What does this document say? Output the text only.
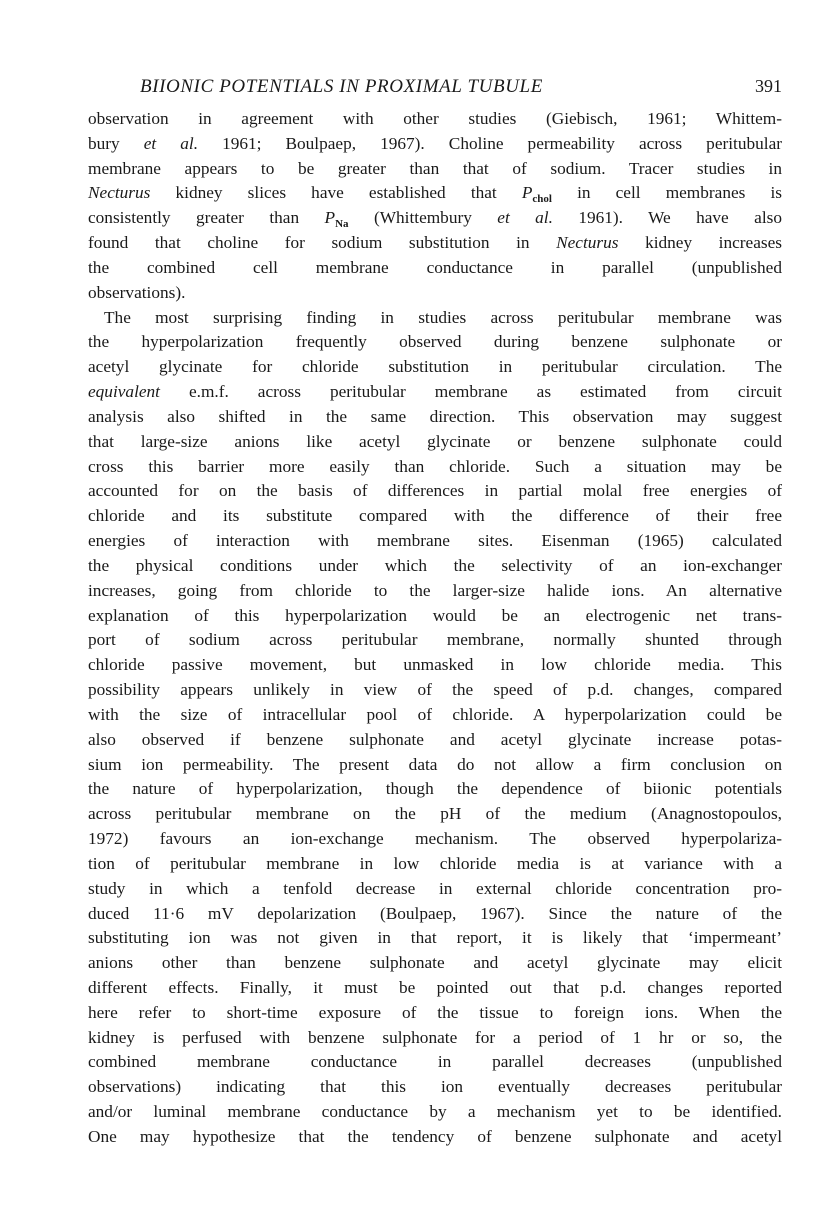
BIIONIC POTENTIALS IN PROXIMAL TUBULE	391
observation in agreement with other studies (Giebisch, 1961; Whittem-
bury et al. 1961; Boulpaep, 1967). Choline permeability across peritubular
membrane appears to be greater than that of sodium. Tracer studies in
Necturus kidney slices have established that $P_{chol}$ in cell membranes is
consistently greater than $P_{Na}$ (Whittembury et al. 1961). We have also
found that choline for sodium substitution in Necturus kidney increases
the combined cell membrane conductance in parallel (unpublished
observations).
The most surprising finding in studies across peritubular membrane was
the hyperpolarization frequently observed during benzene sulphonate or
acetyl glycinate for chloride substitution in peritubular circulation. The
equivalent e.m.f. across peritubular membrane as estimated from circuit
analysis also shifted in the same direction. This observation may suggest
that large-size anions like acetyl glycinate or benzene sulphonate could
cross this barrier more easily than chloride. Such a situation may be
accounted for on the basis of differences in partial molal free energies of
chloride and its substitute compared with the difference of their free
energies of interaction with membrane sites. Eisenman (1965) calculated
the physical conditions under which the selectivity of an ion-exchanger
increases, going from chloride to the larger-size halide ions. An alternative
explanation of this hyperpolarization would be an electrogenic net trans-
port of sodium across peritubular membrane, normally shunted through
chloride passive movement, but unmasked in low chloride media. This
possibility appears unlikely in view of the speed of p.d. changes, compared
with the size of intracellular pool of chloride. A hyperpolarization could be
also observed if benzene sulphonate and acetyl glycinate increase potas-
sium ion permeability. The present data do not allow a firm conclusion on
the nature of hyperpolarization, though the dependence of biionic potentials
across peritubular membrane on the pH of the medium (Anagnostopoulos,
1972) favours an ion-exchange mechanism. The observed hyperpolariza-
tion of peritubular membrane in low chloride media is at variance with a
study in which a tenfold decrease in external chloride concentration pro-
duced 11·6 mV depolarization (Boulpaep, 1967). Since the nature of the
substituting ion was not given in that report, it is likely that ‘impermeant’
anions other than benzene sulphonate and acetyl glycinate may elicit
different effects. Finally, it must be pointed out that p.d. changes reported
here refer to short-time exposure of the tissue to foreign ions. When the
kidney is perfused with benzene sulphonate for a period of 1 hr or so, the
combined membrane conductance in parallel decreases (unpublished
observations) indicating that this ion eventually decreases peritubular
and/or luminal membrane conductance by a mechanism yet to be identified.
One may hypothesize that the tendency of benzene sulphonate and acetyl
